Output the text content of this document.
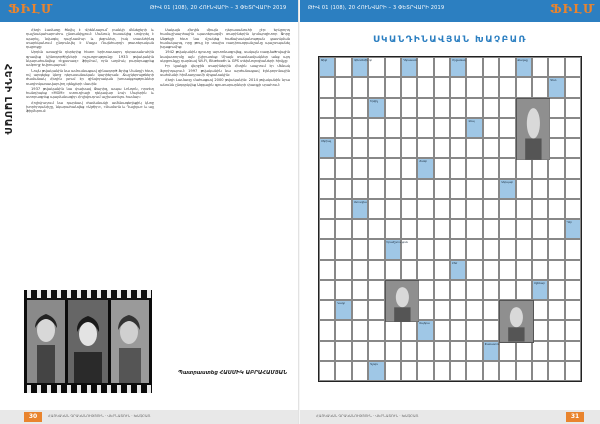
ՖԻԼՄ	ԹԻՎ 01 (108), 20 ՀՈՒՆՎԱՐԻ – 3 ՓԵՏՐՎԱՐԻ 2019
ՀԵԴԻ ԼԱՄԱՌ

Հեդի Լամառը ծնվել է Վիեննայում՝ բանկի մենեջերի և դաշնակահարուհու ընտանիքում։ Մանուկ հասակից սովորել է պարել, նվագել դաշնամուր և լեզուներ, իսկ տասնհինգ տարեկանում ընդունվել է Մաքս Ռայնհարդի թատերական դպրոցը։

Արդեն առաջին դերերից հետո երիտասարդ դերասանուհին գրավեց կինոգործիչների ուշադրությունը։ 1933 թվականին նկարահանվեց «Էքստազ» ֆիլմում, որն աղմուկ բարձրացրեց ամբողջ Եվրոպայում։

Նույն թվականին նա ամուսնացավ զինագործ Ֆրից Մանդլի հետ, ով արգելեց կնոջ դերասանական կարիերան։ Ճաշկերույթների ժամանակ Հեդին լսում էր զինվորական խոսակցություններ ռադիոկառավարվող զենքերի մասին։

1937 թվականին նա փախավ Փարիզ, ապա Լոնդոն, որտեղ հանդիպեց «MGM» ստուդիայի ղեկավար Լուի Մայերին և ստորագրեց պայմանագիր Հոլիվուդում աշխատելու համար։

Հոլիվուդում նա դարձավ ժամանակի ամենագեղեցիկ կնոջ խորհրդանիշը, նկարահանվեց «Ալժիր», «Սամսոն և Դալիլա» և այլ ֆիլմերում։

Սակայն Հեդին միայն դերասանուհի չէր։ Երկրորդ համաշխարհային պատերազմի տարիներին կոմպոզիտոր Ջորջ Անթեյլի հետ նա մշակեց հաճախականության ցատկման համակարգ, որը թույլ էր տալիս ռադիոազդանշանը պաշտպանել խլացումից։

1942 թվականին գյուտը արտոնագրվեց, սակայն ռազմածովային նավատորմը այն չկիրառեց։ Միայն տասնամյակներ անց այդ սկզբունքը դարձավ Wi-Fi, Bluetooth և GPS տեխնոլոգիաների հիմքը։

Իր կյանքի վերջին տարիներին Հեդին ապրում էր մենակ Ֆլորիդայում։ 1997 թվականին նա արժանացավ Էլեկտրոնային սահմանի հիմնադրամի մրցանակին։

Հեդի Լամառը մահացավ 2000 թվականին։ 2014 թվականին նրա անունն ընդգրկվեց Ազգային գյուտարարների փառքի սրահում։

Պատրաստեց ՀԱՍՄԻԿ ԱԲՐԱՀԱՄՅԱՆ
30	ՀԱՅԿԱԿԱՆ ԳՐԱԿԱՆՈՒԹՅՈՒՆ · ՎԵՐՆԱՏՈՒՆ · ԽԱՉԲԱՌ
ԹԻՎ 01 (108), 20 ՀՈՒՆՎԱՐԻ – 3 ՓԵՏՐՎԱՐԻ 2019	ՖԻԼՄ
ՍԿԱՆԴԻՆԱՎՅԱՆ ԽԱՉԲԱՌ
Ֆիլմ	Կինոռեժիսոր	Դերասան	Մրցանակ	Քաղաք
Գետ
Երգիչ
Վեպ
Սերիալ
Ժանր
Կերպար
Ստուդիա
Դեր
Երաժշտություն
Բեմ
Սցենար
Կադր
Օպերա
Փառատոն
Գլուխ
ՀԱՅԿԱԿԱՆ ԳՐԱԿԱՆՈՒԹՅՈՒՆ · ՎԵՐՆԱՏՈՒՆ · ԽԱՉԲԱՌ	31
